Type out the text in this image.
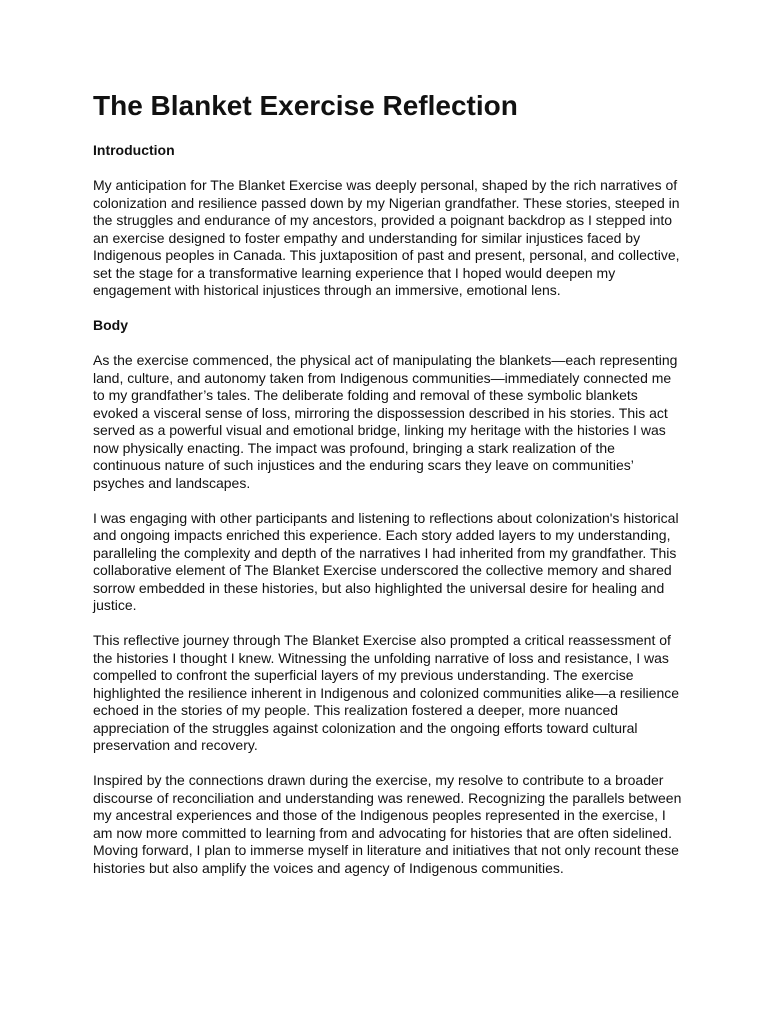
The Blanket Exercise Reflection
Introduction

My anticipation for The Blanket Exercise was deeply personal, shaped by the rich narratives of colonization and resilience passed down by my Nigerian grandfather. These stories, steeped in the struggles and endurance of my ancestors, provided a poignant backdrop as I stepped into an exercise designed to foster empathy and understanding for similar injustices faced by Indigenous peoples in Canada. This juxtaposition of past and present, personal, and collective, set the stage for a transformative learning experience that I hoped would deepen my engagement with historical injustices through an immersive, emotional lens.

Body

As the exercise commenced, the physical act of manipulating the blankets—each representing land, culture, and autonomy taken from Indigenous communities—immediately connected me to my grandfather’s tales. The deliberate folding and removal of these symbolic blankets evoked a visceral sense of loss, mirroring the dispossession described in his stories. This act served as a powerful visual and emotional bridge, linking my heritage with the histories I was now physically enacting. The impact was profound, bringing a stark realization of the continuous nature of such injustices and the enduring scars they leave on communities’ psyches and landscapes.

I was engaging with other participants and listening to reflections about colonization's historical and ongoing impacts enriched this experience. Each story added layers to my understanding, paralleling the complexity and depth of the narratives I had inherited from my grandfather. This collaborative element of The Blanket Exercise underscored the collective memory and shared sorrow embedded in these histories, but also highlighted the universal desire for healing and justice.

This reflective journey through The Blanket Exercise also prompted a critical reassessment of the histories I thought I knew. Witnessing the unfolding narrative of loss and resistance, I was compelled to confront the superficial layers of my previous understanding. The exercise highlighted the resilience inherent in Indigenous and colonized communities alike—a resilience echoed in the stories of my people. This realization fostered a deeper, more nuanced appreciation of the struggles against colonization and the ongoing efforts toward cultural preservation and recovery.

Inspired by the connections drawn during the exercise, my resolve to contribute to a broader discourse of reconciliation and understanding was renewed. Recognizing the parallels between my ancestral experiences and those of the Indigenous peoples represented in the exercise, I am now more committed to learning from and advocating for histories that are often sidelined. Moving forward, I plan to immerse myself in literature and initiatives that not only recount these histories but also amplify the voices and agency of Indigenous communities.
